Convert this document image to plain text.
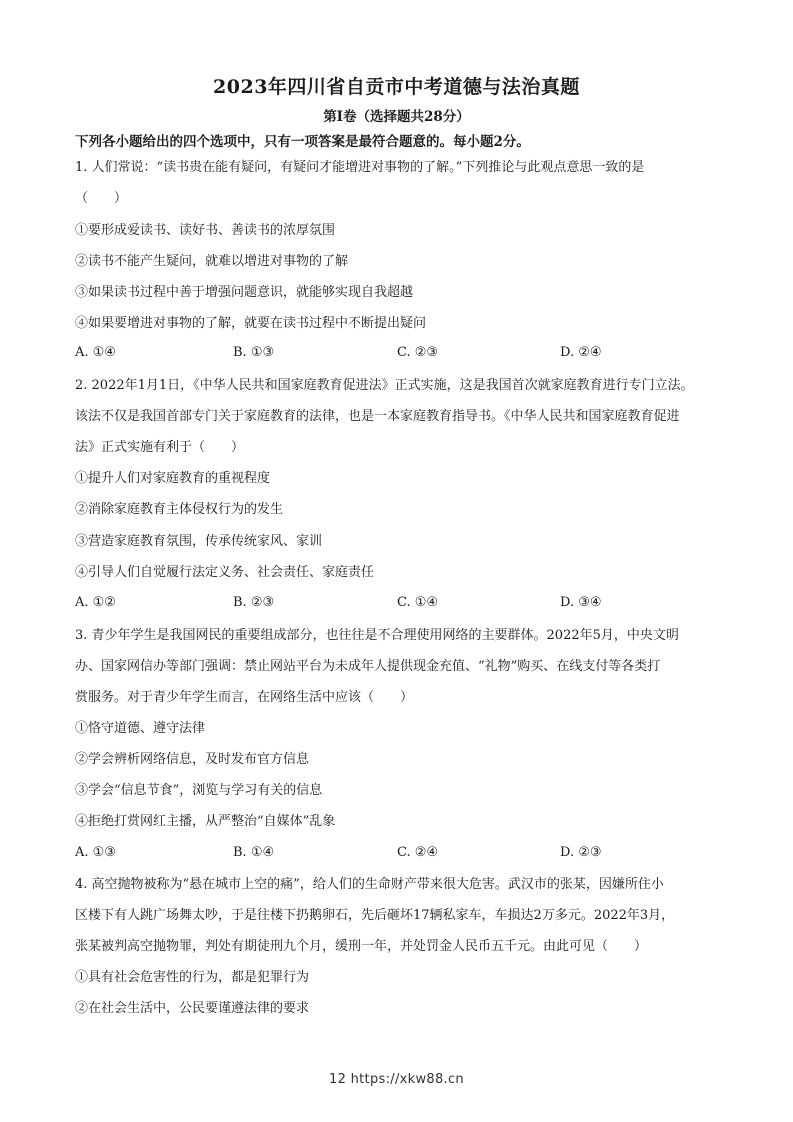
2023年四川省自贡市中考道德与法治真题
第I卷（选择题共28分）
下列各小题给出的四个选项中，只有一项答案是最符合题意的。每小题2分。
1. 人们常说：“读书贵在能有疑问，有疑问才能增进对事物的了解。”下列推论与此观点意思一致的是
（　　）
①要形成爱读书、读好书、善读书的浓厚氛围
②读书不能产生疑问，就难以增进对事物的了解
③如果读书过程中善于增强问题意识，就能够实现自我超越
④如果要增进对事物的了解，就要在读书过程中不断提出疑问
A. ①④	B. ①③	C. ②③	D. ②④
2. 2022年1月1日，《中华人民共和国家庭教育促进法》正式实施，这是我国首次就家庭教育进行专门立法。
该法不仅是我国首部专门关于家庭教育的法律，也是一本家庭教育指导书。《中华人民共和国家庭教育促进
法》正式实施有利于（　　）
①提升人们对家庭教育的重视程度
②消除家庭教育主体侵权行为的发生
③营造家庭教育氛围，传承传统家风、家训
④引导人们自觉履行法定义务、社会责任、家庭责任
A. ①②	B. ②③	C. ①④	D. ③④
3. 青少年学生是我国网民的重要组成部分，也往往是不合理使用网络的主要群体。2022年5月，中央文明
办、国家网信办等部门强调：禁止网站平台为未成年人提供现金充值、“礼物”购买、在线支付等各类打
赏服务。对于青少年学生而言，在网络生活中应该（　　）
①恪守道德、遵守法律
②学会辨析网络信息，及时发布官方信息
③学会“信息节食”，浏览与学习有关的信息
④拒绝打赏网红主播，从严整治“自媒体”乱象
A. ①③	B. ①④	C. ②④	D. ②③
4. 高空抛物被称为“悬在城市上空的痛”，给人们的生命财产带来很大危害。武汉市的张某，因嫌所住小
区楼下有人跳广场舞太吵，于是往楼下扔鹅卵石，先后砸坏17辆私家车，车损达2万多元。2022年3月，
张某被判高空抛物罪，判处有期徒刑九个月，缓刑一年，并处罚金人民币五千元。由此可见（　　）
①具有社会危害性的行为，都是犯罪行为
②在社会生活中，公民要谨遵法律的要求
12 https://xkw88.cn
